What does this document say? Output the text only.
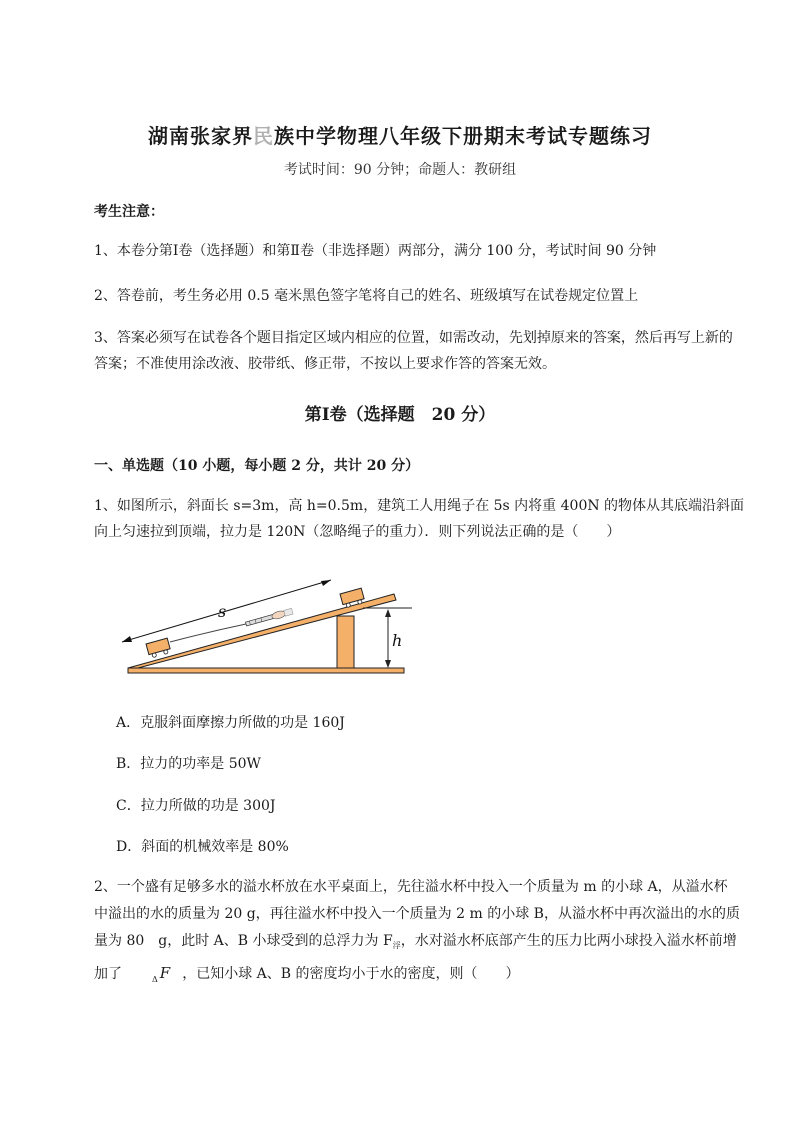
湖南张家界民族中学物理八年级下册期末考试专题练习
考试时间：90 分钟；命题人：教研组
考生注意：
1、本卷分第Ⅰ卷（选择题）和第Ⅱ卷（非选择题）两部分，满分 100 分，考试时间 90 分钟
2、答卷前，考生务必用 0.5 毫米黑色签字笔将自己的姓名、班级填写在试卷规定位置上
3、答案必须写在试卷各个题目指定区域内相应的位置，如需改动，先划掉原来的答案，然后再写上新的答案；不准使用涂改液、胶带纸、修正带，不按以上要求作答的答案无效。
第Ⅰ卷（选择题　20 分）
一、单选题（10 小题，每小题 2 分，共计 20 分）
1、如图所示，斜面长 s=3m，高 h=0.5m，建筑工人用绳子在 5s 内将重 400N 的物体从其底端沿斜面向上匀速拉到顶端，拉力是 120N（忽略绳子的重力）．则下列说法正确的是（　　）
s
h
A．克服斜面摩擦力所做的功是 160J
B．拉力的功率是 50W
C．拉力所做的功是 300J
D．斜面的机械效率是 80%
2、一个盛有足够多水的溢水杯放在水平桌面上，先往溢水杯中投入一个质量为 m 的小球 A，从溢水杯
中溢出的水的质量为 20 g，再往溢水杯中投入一个质量为 2 m 的小球 B，从溢水杯中再次溢出的水的质
量为 80　g，此时 A、B 小球受到的总浮力为 $F_浮$，水对溢水杯底部产生的压力比两小球投入溢水杯前增
加了	$_\Delta$ F ，已知小球 A、B 的密度均小于水的密度，则（　　）
